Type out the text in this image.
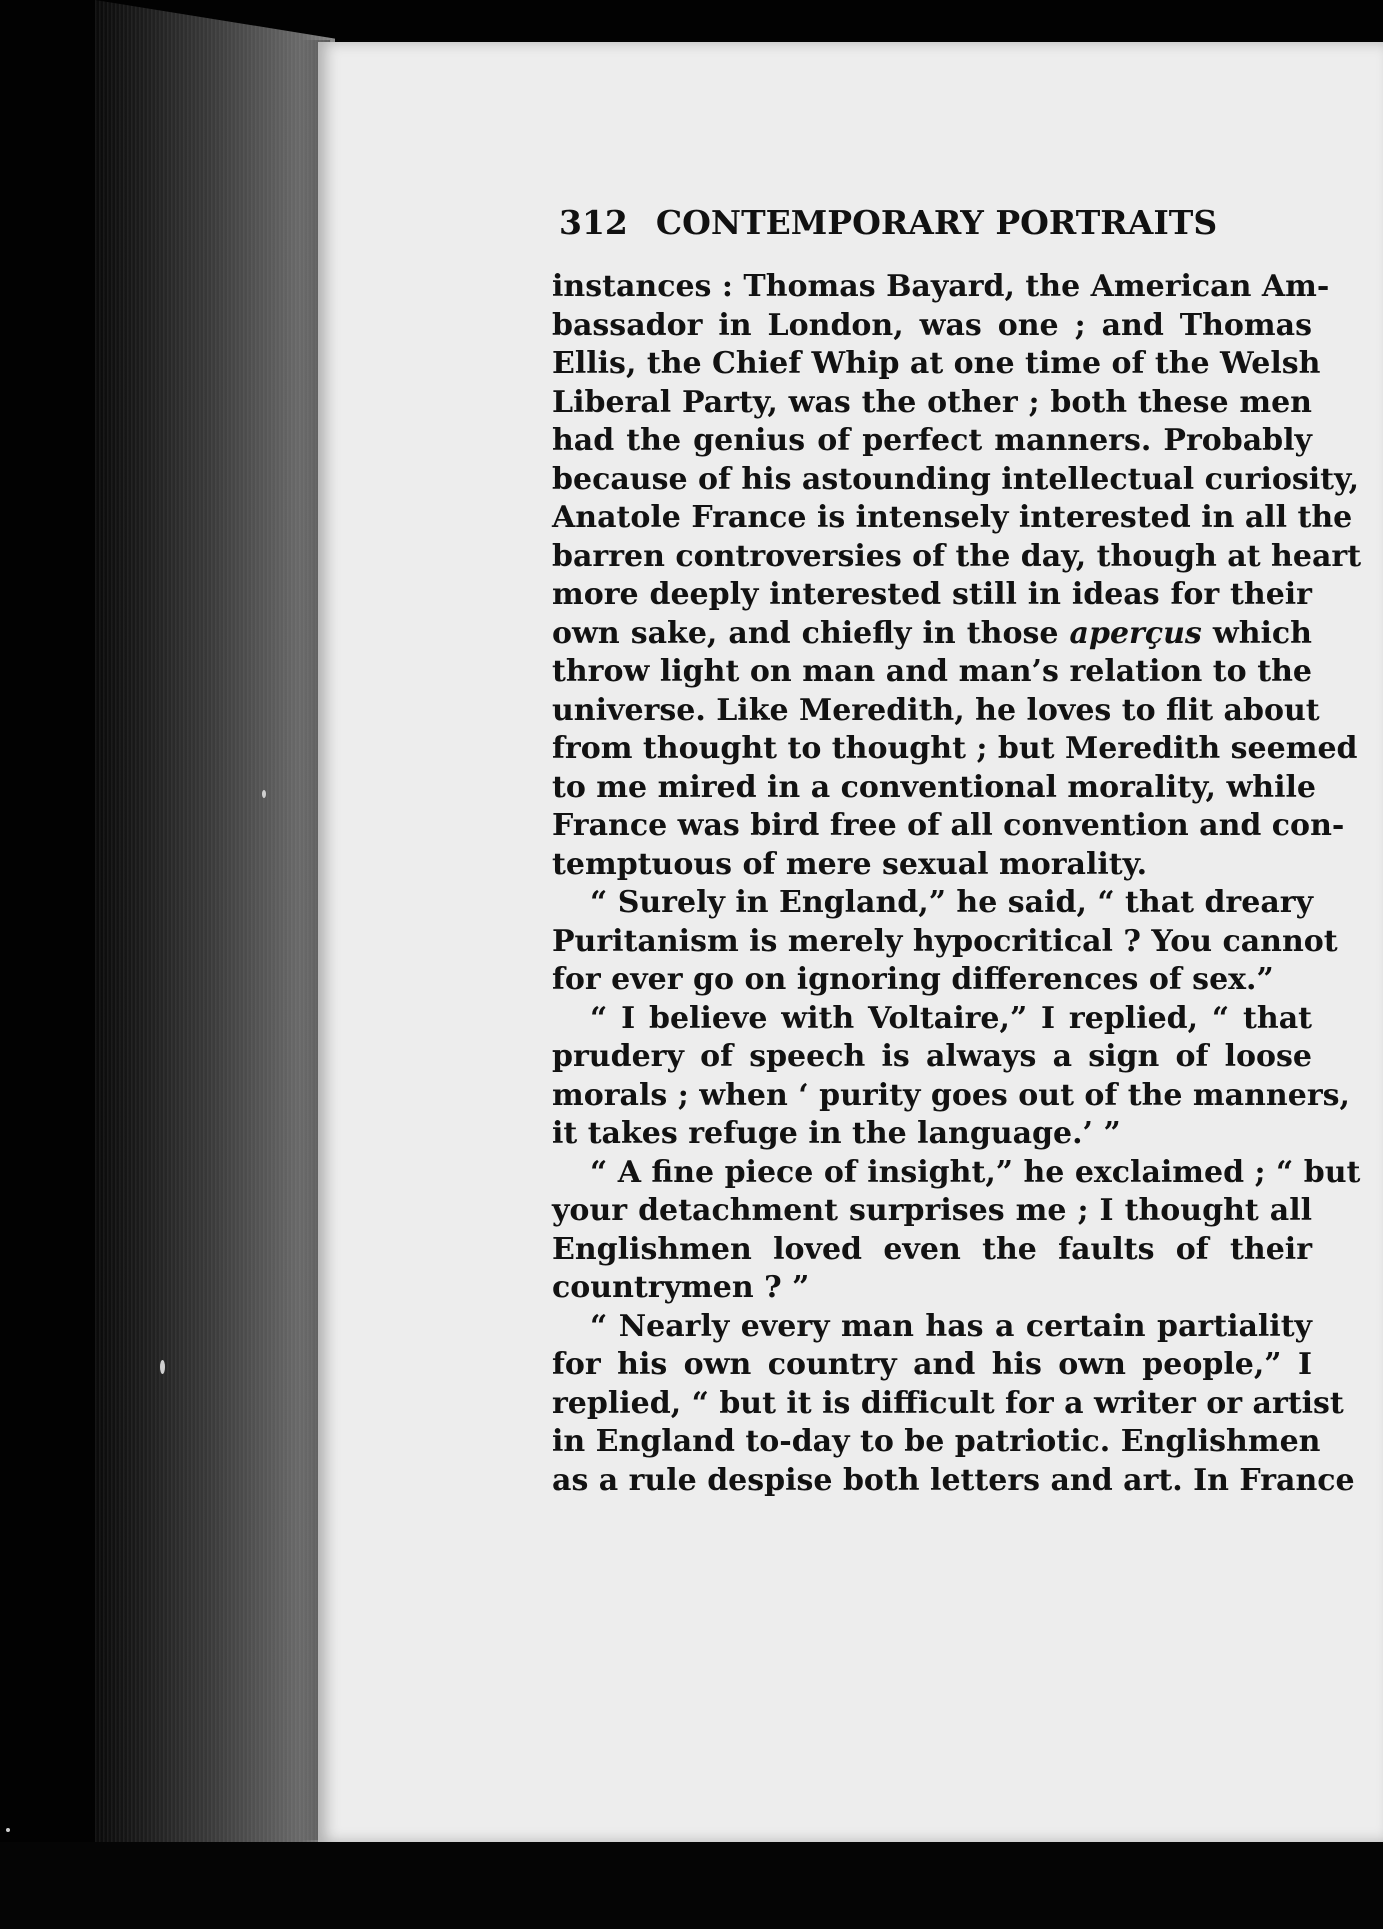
312 CONTEMPORARY PORTRAITS
instances : Thomas Bayard, the American Am-
bassador in London, was one ; and Thomas
Ellis, the Chief Whip at one time of the Welsh
Liberal Party, was the other ; both these men
had the genius of perfect manners. Probably
because of his astounding intellectual curiosity,
Anatole France is intensely interested in all the
barren controversies of the day, though at heart
more deeply interested still in ideas for their
own sake, and chiefly in those aperçus which
throw light on man and man’s relation to the
universe. Like Meredith, he loves to flit about
from thought to thought ; but Meredith seemed
to me mired in a conventional morality, while
France was bird free of all convention and con-
temptuous of mere sexual morality.
“ Surely in England,” he said, “ that dreary
Puritanism is merely hypocritical ? You cannot
for ever go on ignoring differences of sex.”
“ I believe with Voltaire,” I replied, “ that
prudery of speech is always a sign of loose
morals ; when ‘ purity goes out of the manners,
it takes refuge in the language.’ ”
“ A fine piece of insight,” he exclaimed ; “ but
your detachment surprises me ; I thought all
Englishmen loved even the faults of their
countrymen ? ”
“ Nearly every man has a certain partiality
for his own country and his own people,” I
replied, “ but it is difficult for a writer or artist
in England to-day to be patriotic. Englishmen
as a rule despise both letters and art. In France
